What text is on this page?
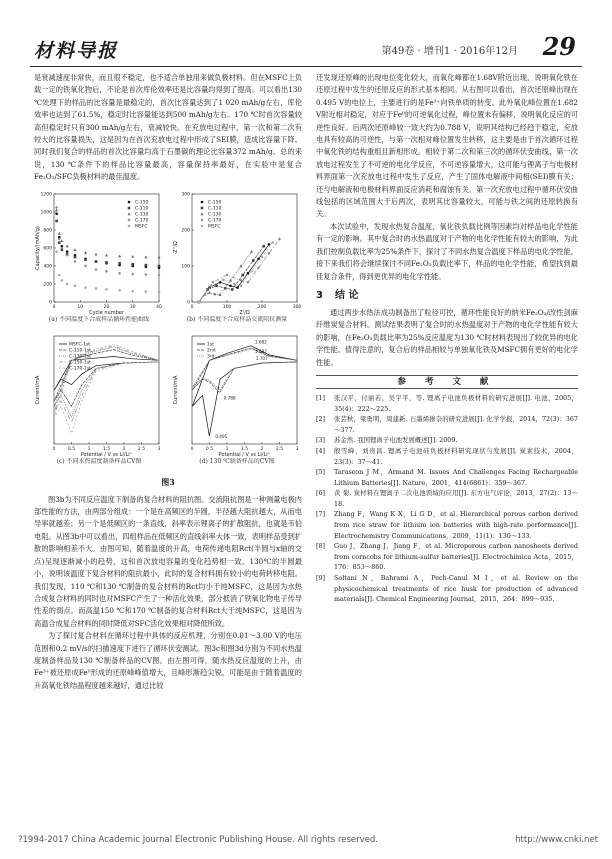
材料导报	第49卷 · 增刊1 · 2016年12月 29

是衰减速度非常快，而且很不稳定，也不适合单独用来做负极材料。但在MSFC上负载一定的铁氧化物后，不论是首次库伦效率还是比容量均得到了提高。可以看出130 ℃处理下的样品的比容量是最稳定的，首次比容量达到了1 020 mAh/g左右，库伦效率也达到了61.5%，稳定时比容量能达到500 mAh/g左右。170 ℃时首次容量较高但稳定时只有300 mAh/g左右，衰减较快。在充放电过程中，第一次和第二次有较大的比容量损失，这是因为在首次充放电过程中形成了SEI膜，造成比容量下降。同时我们复合的样品的首次比容量均高于石墨碳的理论比容量372 mAh/g。总的来说，130 ℃条件下的样品比容量最高，容量保持率最好，在实验中是复合Fe₂O₃/SFC负极材料的最佳温度。

0	10	20	30	40
0
200
400
600
800
1000
1200
Cycle number
Capacity/(mAh/g)
C-150
C-110
C-130
C-170
MSFC
(a) 不同温度下合成样品循环性能曲线
0	100	200	300
0
100
200
300
Z'/Ω
-Z''/Ω
C-150
C-110
C-130
C-170
MSFC
(b) 不同温度下合成样品交流阻抗测量
0	0.5	1	1.5	2	2.5	3
Potential / V vs Li/Li⁺
Current/mA
MSFC-1st
C-110-1st
C-130-1st
C-150-1st
C-170-1st
(c) 不同水热温度制备样品CV图
0	0.5	1	1.5	2	2.5	3
Potential / V vs Li/Li⁺
Current/mA
1st
2nd
3rd
0.495
0.788
1.682
1.687
1.707
(d) 130 ℃制备样品的CV图
图3

图3b为不同反应温度下制备的复合材料的阻抗图。交流阻抗图是一种测量电极内部性能的方法，由两部分组成：一个是在高频区的半圆，半径越大阻抗越大，从而电导率就越差；另一个是低频区的一条直线，斜率表示锂离子的扩散阻抗，也就是韦伯电阻。从图3b中可以看出，四组样品在低频区的直线斜率大体一致，表明样品受到扩散的影响相差不大。由图可知，随着温度的升高，电荷传递电阻Rct(半圆与x轴的交点)呈现逐渐减小的趋势，这和首次放电容量的变化趋势相一致。130℃的半圆最小，说明该温度下复合材料的阻抗最小，此时的复合材料拥有较小的电荷转移电阻。我们发现，110 ℃和130 ℃制备的复合材料的Rct均小于纯MSFC，这是因为水热合成复合材料的同时也对MSFC产生了一种活化效果，部分抵消了铁氧化物电子传导性差的弱点。而高温150 ℃和170 ℃制备的复合材料Rct大于纯MSFC，这是因为高温合成复合材料的同时降低对SFC活化效果相对降低所致。

为了探讨复合材料在循环过程中具体的反应机理，分别在0.01～3.00 V的电压范围和0.2 mV/s的扫描速度下进行了循环伏安测试。图3c和图3d分别为不同水热温度制备样品及130 ℃制备样品的CV图。由左图可得，随水热反应温度的上升，由Fe³⁺被还原成Fe⁰形成的还原峰峰值增大，且峰形渐趋尖锐，可能是由于随着温度的升高氧化铁结晶程度越来越好，通过比较

还发现还原峰的出现电位变化较大，而氧化峰都在1.68V附近出现，说明氧化铁在还原过程中发生的还原反应的形式基本相同。从右图可以看出，首次还原峰出现在0.495 V的电位上，主要进行的是Fe³⁺向铁单质的转变。此外氧化峰位置在1.682 V附近相对稳定，对应于Fe⁰的可逆氧化过程，峰位置未有偏移，说明氧化反应的可逆性良好。后两次还原峰较一致大约为0.788 V，说明其结构已经趋于稳定，充放电具有较高的可逆性，与第一次相对峰位置发生转移，这主要是由于首次循环过程中氧化铁的结构重组且新相形成。相较于第二次和第三次的循环伏安曲线，第一次放电过程发生了不可逆的电化学反应，不可逆容量增大，这可能与锂离子与电极材料界面第一次充放电过程中发生了反应，产生了固体电解液中间相(SEI)膜有关；还与电解液和电极材料界面反应消耗和腐蚀有关。第一次充放电过程中循环伏安曲线包括的区域范围大于后两次，表明其比容量较大，可能与铁之间的还原转换有关。

本次试验中，发现水热复合温度，氧化铁负载比例等因素均对样品电化学性能有一定的影响。其中复合时的水热温度对于产物的电化学性能有较大的影响，为此我们控制负载比率为25%条件下，探讨了不同水热复合温度下样品的电化学性能，接下来我们将会继续探讨不同Fe₂O₃负载比率下，样品的电化学性能，希望找到最佳复合条件，得到更优异的电化学性能。

3 结 论

通过两步水热法成功制备出了粒径可控，循环性能良好的纳米Fe₂O₃/改性剑麻纤维炭复合材料。测试结果表明了复合时的水热温度对于产物的电化学性能有较大的影响，在Fe₂O₃负载比率为25%反应温度为130 ℃时材料表现出了较优异的电化学性能。值得注意的，复合后的样品相较与单独氧化铁及MSFC拥有更好的电化学性能。

参 考 文 献
[1] 张汉平，付丽若，吴宇平，等. 锂离子电池负极材料的研究进展[J]. 电池，2005，35(4)：222～225.
[2] 张芸秋，梁勇明，周建新. 石墨烯掺杂的研究进展[J]. 化学学报，2014，72(3)：367～377.
[3] 苏金然. 我国锂离子电池发展概述[J]. 2009.
[4] 殷雪峰，刘贵昌. 锂离子电池硅负极材料研究现状与发展[J]. 炭素技术，2004，23(3)：37～41.
[5] Tarascon J M，Armand M. Issues And Challenges Facing Rechargeable Lithium Batteries[J]. Nature，2001，414(6861)：359～367.
[6] 黄 菊. 炭材料在锂离子二次电池领域的应用[J]. 东方电气评论，2013，27(2)：13～18.
[7] Zhang F，Wang K X，Li G D，et al. Hierarchical porous carbon derived from rice straw for lithium ion batteries with high-rate performance[J]. Electrochemistry Communications，2009，11(1)：130～133.
[8] Guo J，Zhang J，Jiang F，et al. Microporous carbon nanosheets derived from corncobs for lithium-sulfur batteries[J]. Electrochimica Acta，2015，176：853～860.
[9] Soltani N，Bahrami A，Pech-Canul M I，et al. Review on the physicochemical treatments of rice husk for production of advanced materials[J]. Chemical Engineering Journal，2015，264：899～935.
?1994-2017 China Academic Journal Electronic Publishing House. All rights reserved.	http://www.cnki.net
